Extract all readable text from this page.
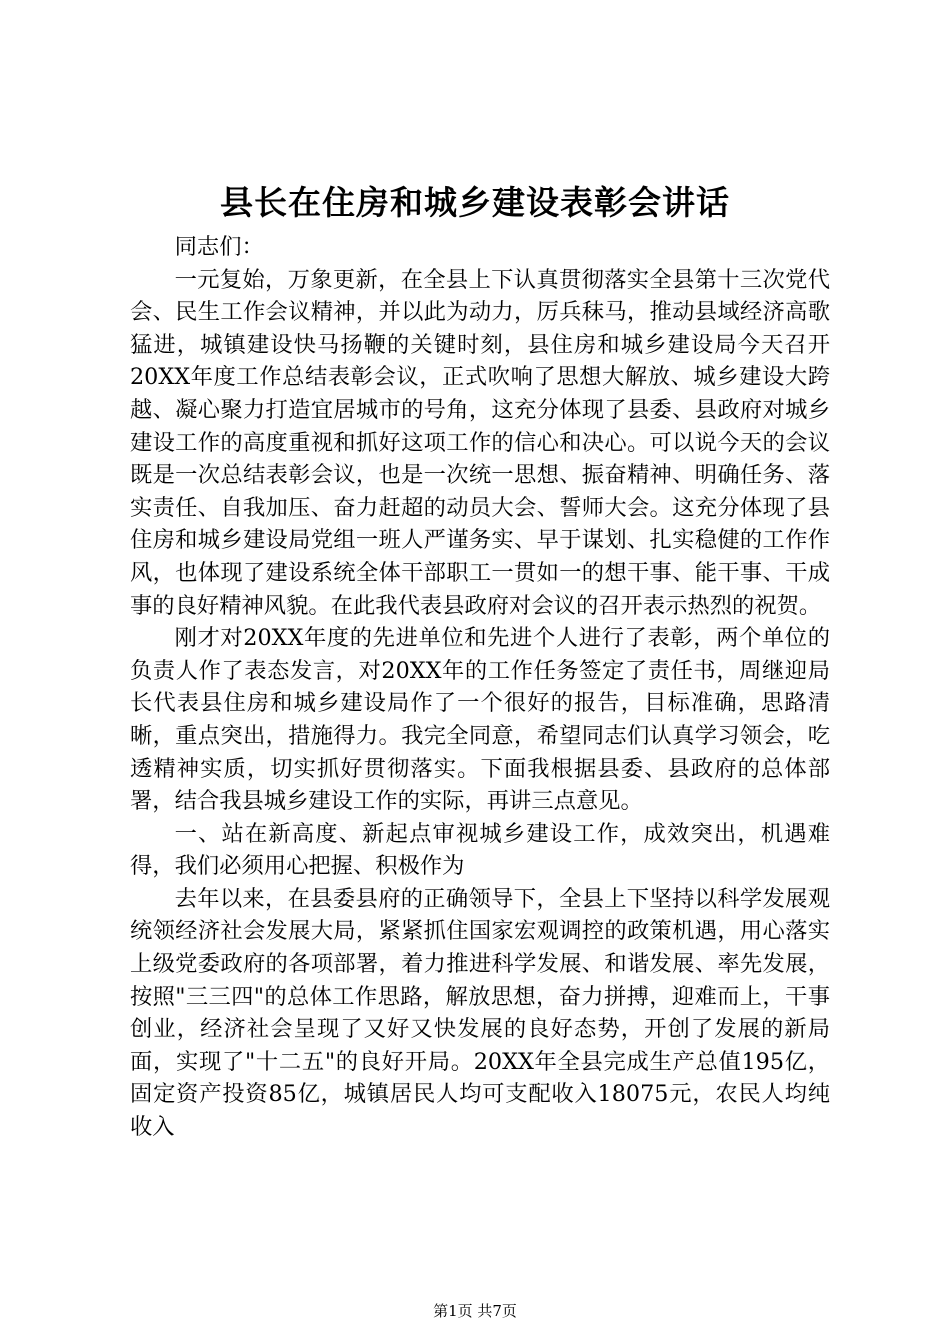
县长在住房和城乡建设表彰会讲话

同志们：

一元复始，万象更新，在全县上下认真贯彻落实全县第十三次党代会、民生工作会议精神，并以此为动力，厉兵秣马，推动县域经济高歌猛进，城镇建设快马扬鞭的关键时刻，县住房和城乡建设局今天召开20XX年度工作总结表彰会议，正式吹响了思想大解放、城乡建设大跨越、凝心聚力打造宜居城市的号角，这充分体现了县委、县政府对城乡建设工作的高度重视和抓好这项工作的信心和决心。可以说今天的会议既是一次总结表彰会议，也是一次统一思想、振奋精神、明确任务、落实责任、自我加压、奋力赶超的动员大会、誓师大会。这充分体现了县住房和城乡建设局党组一班人严谨务实、早于谋划、扎实稳健的工作作风，也体现了建设系统全体干部职工一贯如一的想干事、能干事、干成事的良好精神风貌。在此我代表县政府对会议的召开表示热烈的祝贺。

刚才对20XX年度的先进单位和先进个人进行了表彰，两个单位的负责人作了表态发言，对20XX年的工作任务签定了责任书，周继迎局长代表县住房和城乡建设局作了一个很好的报告，目标准确，思路清晰，重点突出，措施得力。我完全同意，希望同志们认真学习领会，吃透精神实质，切实抓好贯彻落实。下面我根据县委、县政府的总体部署，结合我县城乡建设工作的实际，再讲三点意见。

一、站在新高度、新起点审视城乡建设工作，成效突出，机遇难得，我们必须用心把握、积极作为

去年以来，在县委县府的正确领导下，全县上下坚持以科学发展观统领经济社会发展大局，紧紧抓住国家宏观调控的政策机遇，用心落实上级党委政府的各项部署，着力推进科学发展、和谐发展、率先发展，按照"三三四"的总体工作思路，解放思想，奋力拼搏，迎难而上，干事创业，经济社会呈现了又好又快发展的良好态势，开创了发展的新局面，实现了"十二五"的良好开局。20XX年全县完成生产总值195亿，固定资产投资85亿，城镇居民人均可支配收入18075元，农民人均纯收入

第1页 共7页
